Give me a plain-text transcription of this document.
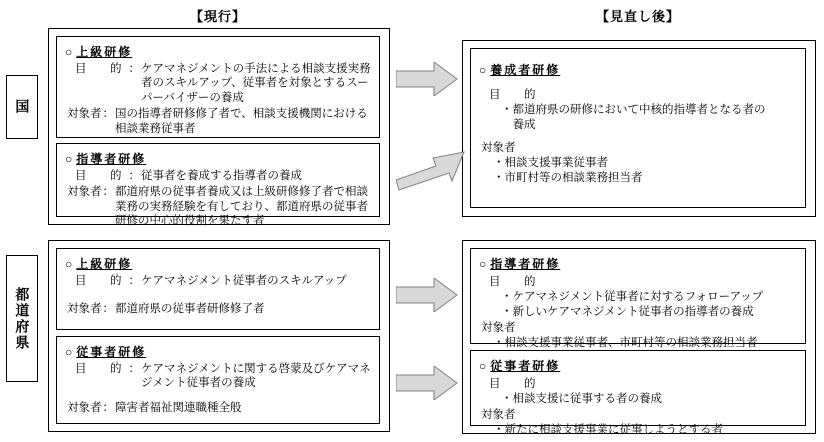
【現行】	【見直し後】
国
都道府県
○ 上級研修
目　的 ： ケアマネジメントの手法による相談支援実務者のスキルアップ、従事者を対象とするスーパーバイザーの養成
対象者 ： 国の指導者研修修了者で、相談支援機関における相談業務従事者
○ 指導者研修
目　的 ： 従事者を養成する指導者の養成
対象者 ： 都道府県の従事者養成又は上級研修修了者で相談業務の実務経験を有しており、都道府県の従事者研修の中心的役割を果たす者
○ 上級研修
目　的 ： ケアマネジメント従事者のスキルアップ
対象者 ： 都道府県の従事者研修修了者
○ 従事者研修
目　的 ： ケアマネジメントに関する啓蒙及びケアマネジメント従事者の養成
対象者 ： 障害者福祉関連職種全般
○ 養成者研修
目　的
・都道府県の研修において中核的指導者となる者の
　養成
対象者
・相談支援事業従事者
・市町村等の相談業務担当者
○ 指導者研修
目　的
・ケアマネジメント従事者に対するフォローアップ
・新しいケアマネジメント従事者の指導者の養成
対象者
・相談支援事業従事者、市町村等の相談業務担当者
○ 従事者研修
目　的
・相談支援に従事する者の養成
対象者
・新たに相談支援事業に従事しようとする者
